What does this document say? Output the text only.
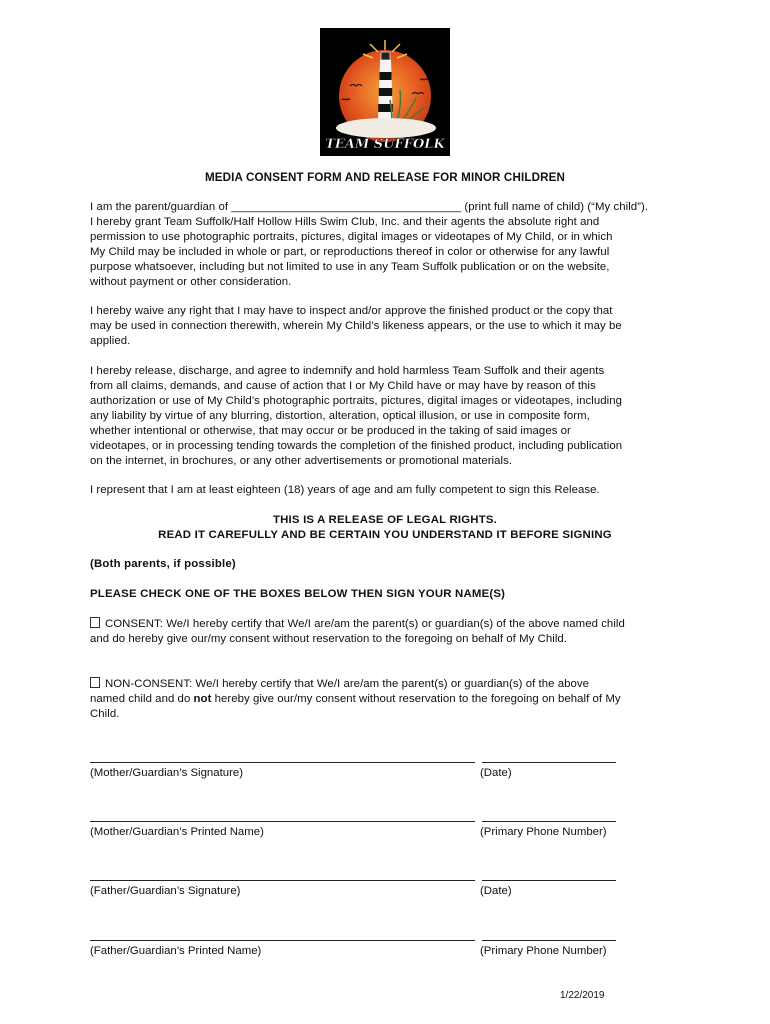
TEAM SUFFOLK
MEDIA CONSENT FORM AND RELEASE FOR MINOR CHILDREN

I am the parent/guardian of ____________________________________ (print full name of child) (“My child”).
I hereby grant Team Suffolk/Half Hollow Hills Swim Club, Inc. and their agents the absolute right and
permission to use photographic portraits, pictures, digital images or videotapes of My Child, or in which
My Child may be included in whole or part, or reproductions thereof in color or otherwise for any lawful
purpose whatsoever, including but not limited to use in any Team Suffolk publication or on the website,
without payment or other consideration.

I hereby waive any right that I may have to inspect and/or approve the finished product or the copy that
may be used in connection therewith, wherein My Child’s likeness appears, or the use to which it may be
applied.

I hereby release, discharge, and agree to indemnify and hold harmless Team Suffolk and their agents
from all claims, demands, and cause of action that I or My Child have or may have by reason of this
authorization or use of My Child’s photographic portraits, pictures, digital images or videotapes, including
any liability by virtue of any blurring, distortion, alteration, optical illusion, or use in composite form,
whether intentional or otherwise, that may occur or be produced in the taking of said images or
videotapes, or in processing tending towards the completion of the finished product, including publication
on the internet, in brochures, or any other advertisements or promotional materials.

I represent that I am at least eighteen (18) years of age and am fully competent to sign this Release.

THIS IS A RELEASE OF LEGAL RIGHTS.
READ IT CAREFULLY AND BE CERTAIN YOU UNDERSTAND IT BEFORE SIGNING
(Both parents, if possible)
PLEASE CHECK ONE OF THE BOXES BELOW THEN SIGN YOUR NAME(S)

CONSENT: We/I hereby certify that We/I are/am the parent(s) or guardian(s) of the above named child
and do hereby give our/my consent without reservation to the foregoing on behalf of My Child.

NON-CONSENT: We/I hereby certify that We/I are/am the parent(s) or guardian(s) of the above
named child and do not hereby give our/my consent without reservation to the foregoing on behalf of My
Child.

(Mother/Guardian’s Signature)	(Date)
(Mother/Guardian’s Printed Name)	(Primary Phone Number)
(Father/Guardian’s Signature)	(Date)
(Father/Guardian’s Printed Name)	(Primary Phone Number)
1/22/2019
